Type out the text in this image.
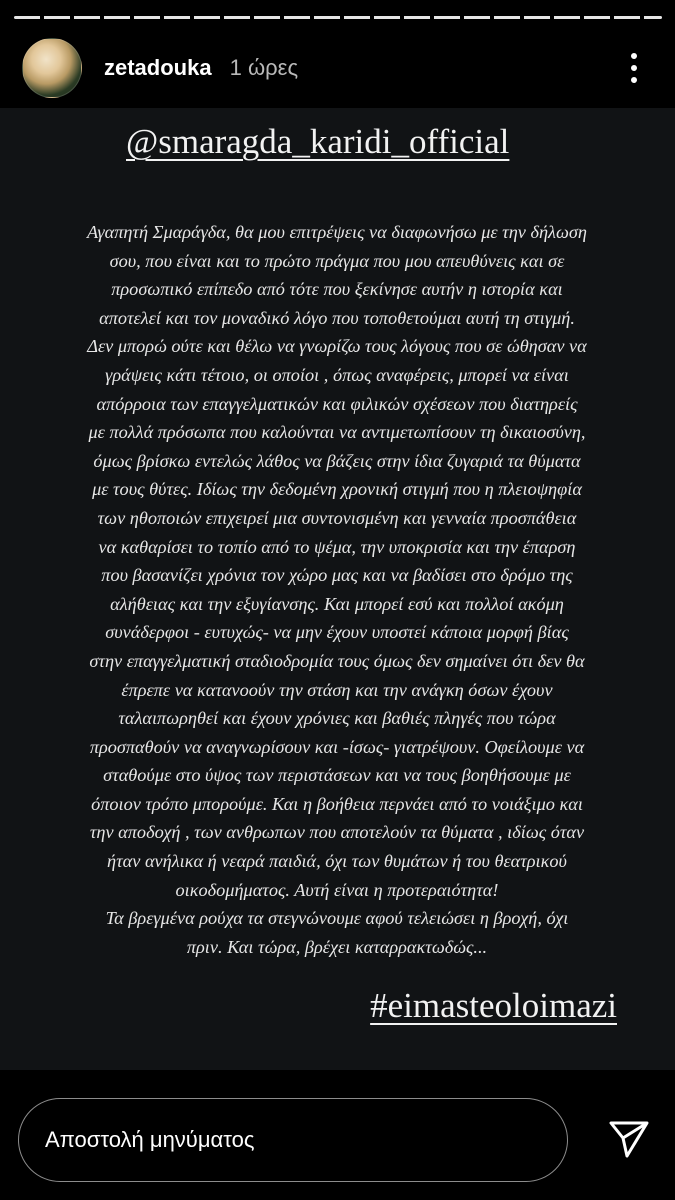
zetadouka 1 ώρες
@smaragda_karidi_official
Αγαπητή Σμαράγδα, θα μου επιτρέψεις να διαφωνήσω με την δήλωση
σου, που είναι και το πρώτο πράγμα που μου απευθύνεις και σε
προσωπικό επίπεδο από τότε που ξεκίνησε αυτήν η ιστορία και
αποτελεί και τον μοναδικό λόγο που τοποθετούμαι αυτή τη στιγμή.
Δεν μπορώ ούτε και θέλω να γνωρίζω τους λόγους που σε ώθησαν να
γράψεις κάτι τέτοιο, οι οποίοι , όπως αναφέρεις, μπορεί να είναι
απόρροια των επαγγελματικών και φιλικών σχέσεων που διατηρείς
με πολλά πρόσωπα που καλούνται να αντιμετωπίσουν τη δικαιοσύνη,
όμως βρίσκω εντελώς λάθος να βάζεις στην ίδια ζυγαριά τα θύματα
με τους θύτες. Ιδίως την δεδομένη χρονική στιγμή που η πλειοψηφία
των ηθοποιών επιχειρεί μια συντονισμένη και γενναία προσπάθεια
να καθαρίσει το τοπίο από το ψέμα, την υποκρισία και την έπαρση
που βασανίζει χρόνια τον χώρο μας και να βαδίσει στο δρόμο της
αλήθειας και την εξυγίανσης. Και μπορεί εσύ και πολλοί ακόμη
συνάδερφοι - ευτυχώς- να μην έχουν υποστεί κάποια μορφή βίας
στην επαγγελματική σταδιοδρομία τους όμως δεν σημαίνει ότι δεν θα
έπρεπε να κατανοούν την στάση και την ανάγκη όσων έχουν
ταλαιπωρηθεί και έχουν χρόνιες και βαθιές πληγές που τώρα
προσπαθούν να αναγνωρίσουν και -ίσως- γιατρέψουν. Οφείλουμε να
σταθούμε στο ύψος των περιστάσεων και να τους βοηθήσουμε με
όποιον τρόπο μπορούμε. Και η βοήθεια περνάει από το νοιάξιμο και
την αποδοχή , των ανθρωπων που αποτελούν τα θύματα , ιδίως όταν
ήταν ανήλικα ή νεαρά παιδιά, όχι των θυμάτων ή του θεατρικού
οικοδομήματος. Αυτή είναι η προτεραιότητα!
Τα βρεγμένα ρούχα τα στεγνώνουμε αφού τελειώσει η βροχή, όχι
πριν. Και τώρα, βρέχει καταρρακτωδώς...
#eimasteoloimazi
Αποστολή μηνύματος
